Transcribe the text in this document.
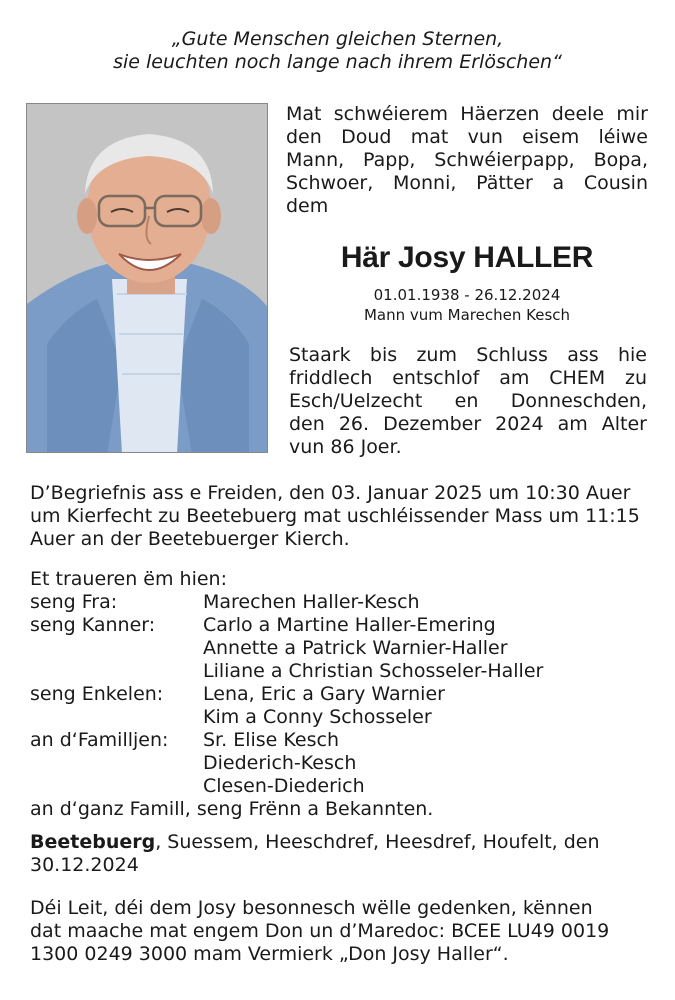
„Gute Menschen gleichen Sternen,
sie leuchten noch lange nach ihrem Erlöschen“
Mat schwéierem Häerzen deele mir
den Doud mat vun eisem léiwe
Mann, Papp, Schwéierpapp, Bopa,
Schwoer, Monni, Pätter a Cousin
dem
Här Josy HALLER
01.01.1938 - 26.12.2024
Mann vum Marechen Kesch
Staark bis zum Schluss ass hie
friddlech entschlof am CHEM zu
Esch/Uelzecht en Donneschden,
den 26. Dezember 2024 am Alter
vun 86 Joer.
D’Begriefnis ass e Freiden, den 03. Januar 2025 um 10:30 Auer
um Kierfecht zu Beetebuerg mat uschléissender Mass um 11:15
Auer an der Beetebuerger Kierch.
Et traueren ëm hien:
seng Fra:	Marechen Haller-Kesch
seng Kanner:	Carlo a Martine Haller-Emering
Annette a Patrick Warnier-Haller
Liliane a Christian Schosseler-Haller
seng Enkelen:	Lena, Eric a Gary Warnier
Kim a Conny Schosseler
an d‘Familljen:	Sr. Elise Kesch
Diederich-Kesch
Clesen-Diederich
an d‘ganz Famill, seng Frënn a Bekannten.
Beetebuerg, Suessem, Heeschdref, Heesdref, Houfelt, den
30.12.2024
Déi Leit, déi dem Josy besonnesch wëlle gedenken, kënnen
dat maache mat engem Don un d’Maredoc: BCEE LU49 0019
1300 0249 3000 mam Vermierk „Don Josy Haller“.
